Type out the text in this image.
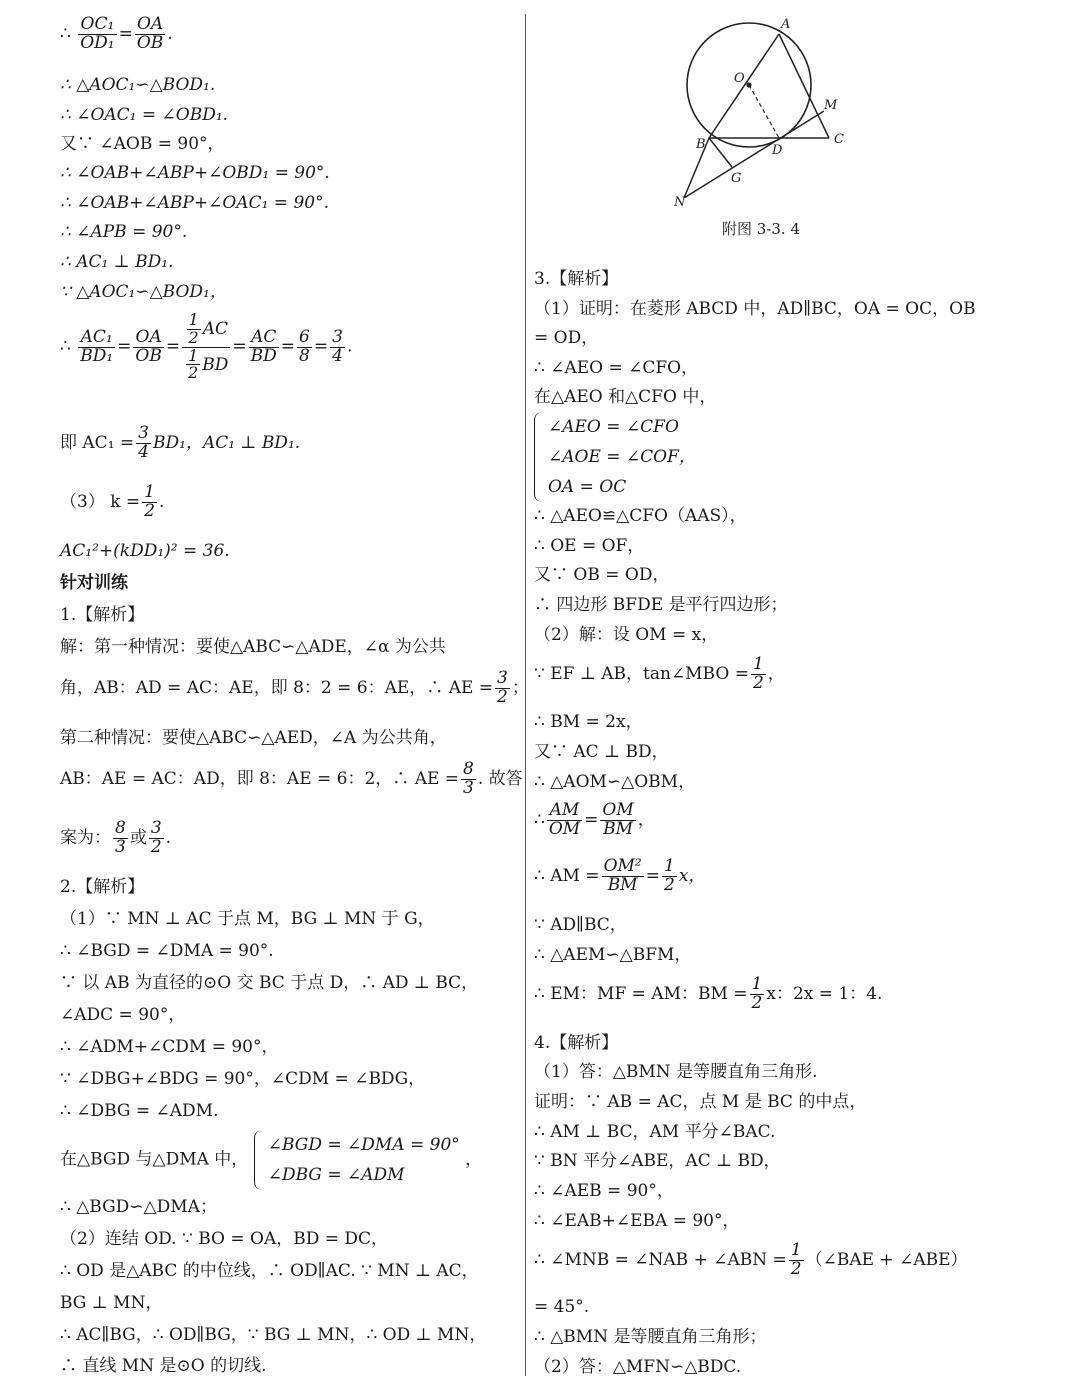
∴ $\frac{\text{OC₁}}{\text{OD₁}} = \frac{OA}{OB}$ .
∴ △AOC₁∽△BOD₁.
∴ ∠OAC₁ = ∠OBD₁.
又∵ ∠AOB = 90°，
∴ ∠OAB+∠ABP+∠OBD₁ = 90°.
∴ ∠OAB+∠ABP+∠OAC₁ = 90°.
∴ ∠APB = 90°.
∴ AC₁ ⊥ BD₁.
∵ △AOC₁∽△BOD₁，
∴ $\frac{\text{AC₁}}{\text{BD₁}} = \frac{OA}{OB} = \frac{\frac{1}{2} AC}{\frac{1}{2} BD} = \frac{AC}{BD} = \frac{6}{8} = \frac{3}{4}$ .
即 $AC_1 = \frac{3}{4} BD_1$，AC₁ ⊥ BD₁.
（3） $k = \frac{1}{2}$ .
AC₁²+(kDD₁)² = 36.
针对训练
1.【解析】
解：第一种情况：要使△ABC∽△ADE，∠α 为公共
角，AB：AD = AC：AE，即 8：2 = 6：AE，∴ AE = $\frac{3}{2}$ ；
第二种情况：要使△ABC∽△AED，∠A 为公共角，
AB：AE = AC：AD，即 8：AE = 6：2，∴ AE = $\frac{8}{3}$ . 故答
案为： $\frac{8}{3}$ 或 $\frac{3}{2}$ .
2.【解析】
（1）∵ MN ⊥ AC 于点 M，BG ⊥ MN 于 G，
∴ ∠BGD = ∠DMA = 90°.
∵ 以 AB 为直径的⊙O 交 BC 于点 D，∴ AD ⊥ BC，
∠ADC = 90°，
∴ ∠ADM+∠CDM = 90°，
∵ ∠DBG+∠BDG = 90°，∠CDM = ∠BDG，
∴ ∠DBG = ∠ADM.
在△BGD 与△DMA 中，
∠BGD = ∠DMA = 90°
∠DBG = ∠ADM
，
∴ △BGD∽△DMA；
（2）连结 OD. ∵ BO = OA，BD = DC，
∴ OD 是△ABC 的中位线，∴ OD∥AC. ∵ MN ⊥ AC，
BG ⊥ MN，
∴ AC∥BG，∴ OD∥BG，∵ BG ⊥ MN，∴ OD ⊥ MN，
∴ 直线 MN 是⊙O 的切线.
A
O
M
B	D
C
G
N
附图 3-3. 4
3.【解析】
（1）证明：在菱形 ABCD 中，AD∥BC，OA = OC，OB
= OD，
∴ ∠AEO = ∠CFO，
在△AEO 和△CFO 中，
∠AEO = ∠CFO
∠AOE = ∠COF，
OA = OC
∴ △AEO≌△CFO（AAS），
∴ OE = OF，
又∵ OB = OD，
∴ 四边形 BFDE 是平行四边形；
（2）解：设 OM = x，
∵ EF ⊥ AB，tan∠MBO = $\frac{1}{2}$ ，
∴ BM = 2x，
又∵ AC ⊥ BD，
∴ △AOM∽△OBM，
∴ $\frac{AM}{OM} = \frac{OM}{BM}$ ，
∴ AM = $\frac{\text{OM²}}{BM} = \frac{1}{2}$ x，
∵ AD∥BC，
∴ △AEM∽△BFM，
∴ EM：MF = AM：BM = $\frac{1}{2}$ x：2x = 1：4.
4.【解析】
（1）答：△BMN 是等腰直角三角形.
证明：∵ AB = AC，点 M 是 BC 的中点，
∴ AM ⊥ BC，AM 平分∠BAC.
∵ BN 平分∠ABE，AC ⊥ BD，
∴ ∠AEB = 90°，
∴ ∠EAB+∠EBA = 90°，
∴ ∠MNB = ∠NAB + ∠ABN = $\frac{1}{2}$ （∠BAE + ∠ABE）
= 45°.
∴ △BMN 是等腰直角三角形；
（2）答：△MFN∽△BDC.
